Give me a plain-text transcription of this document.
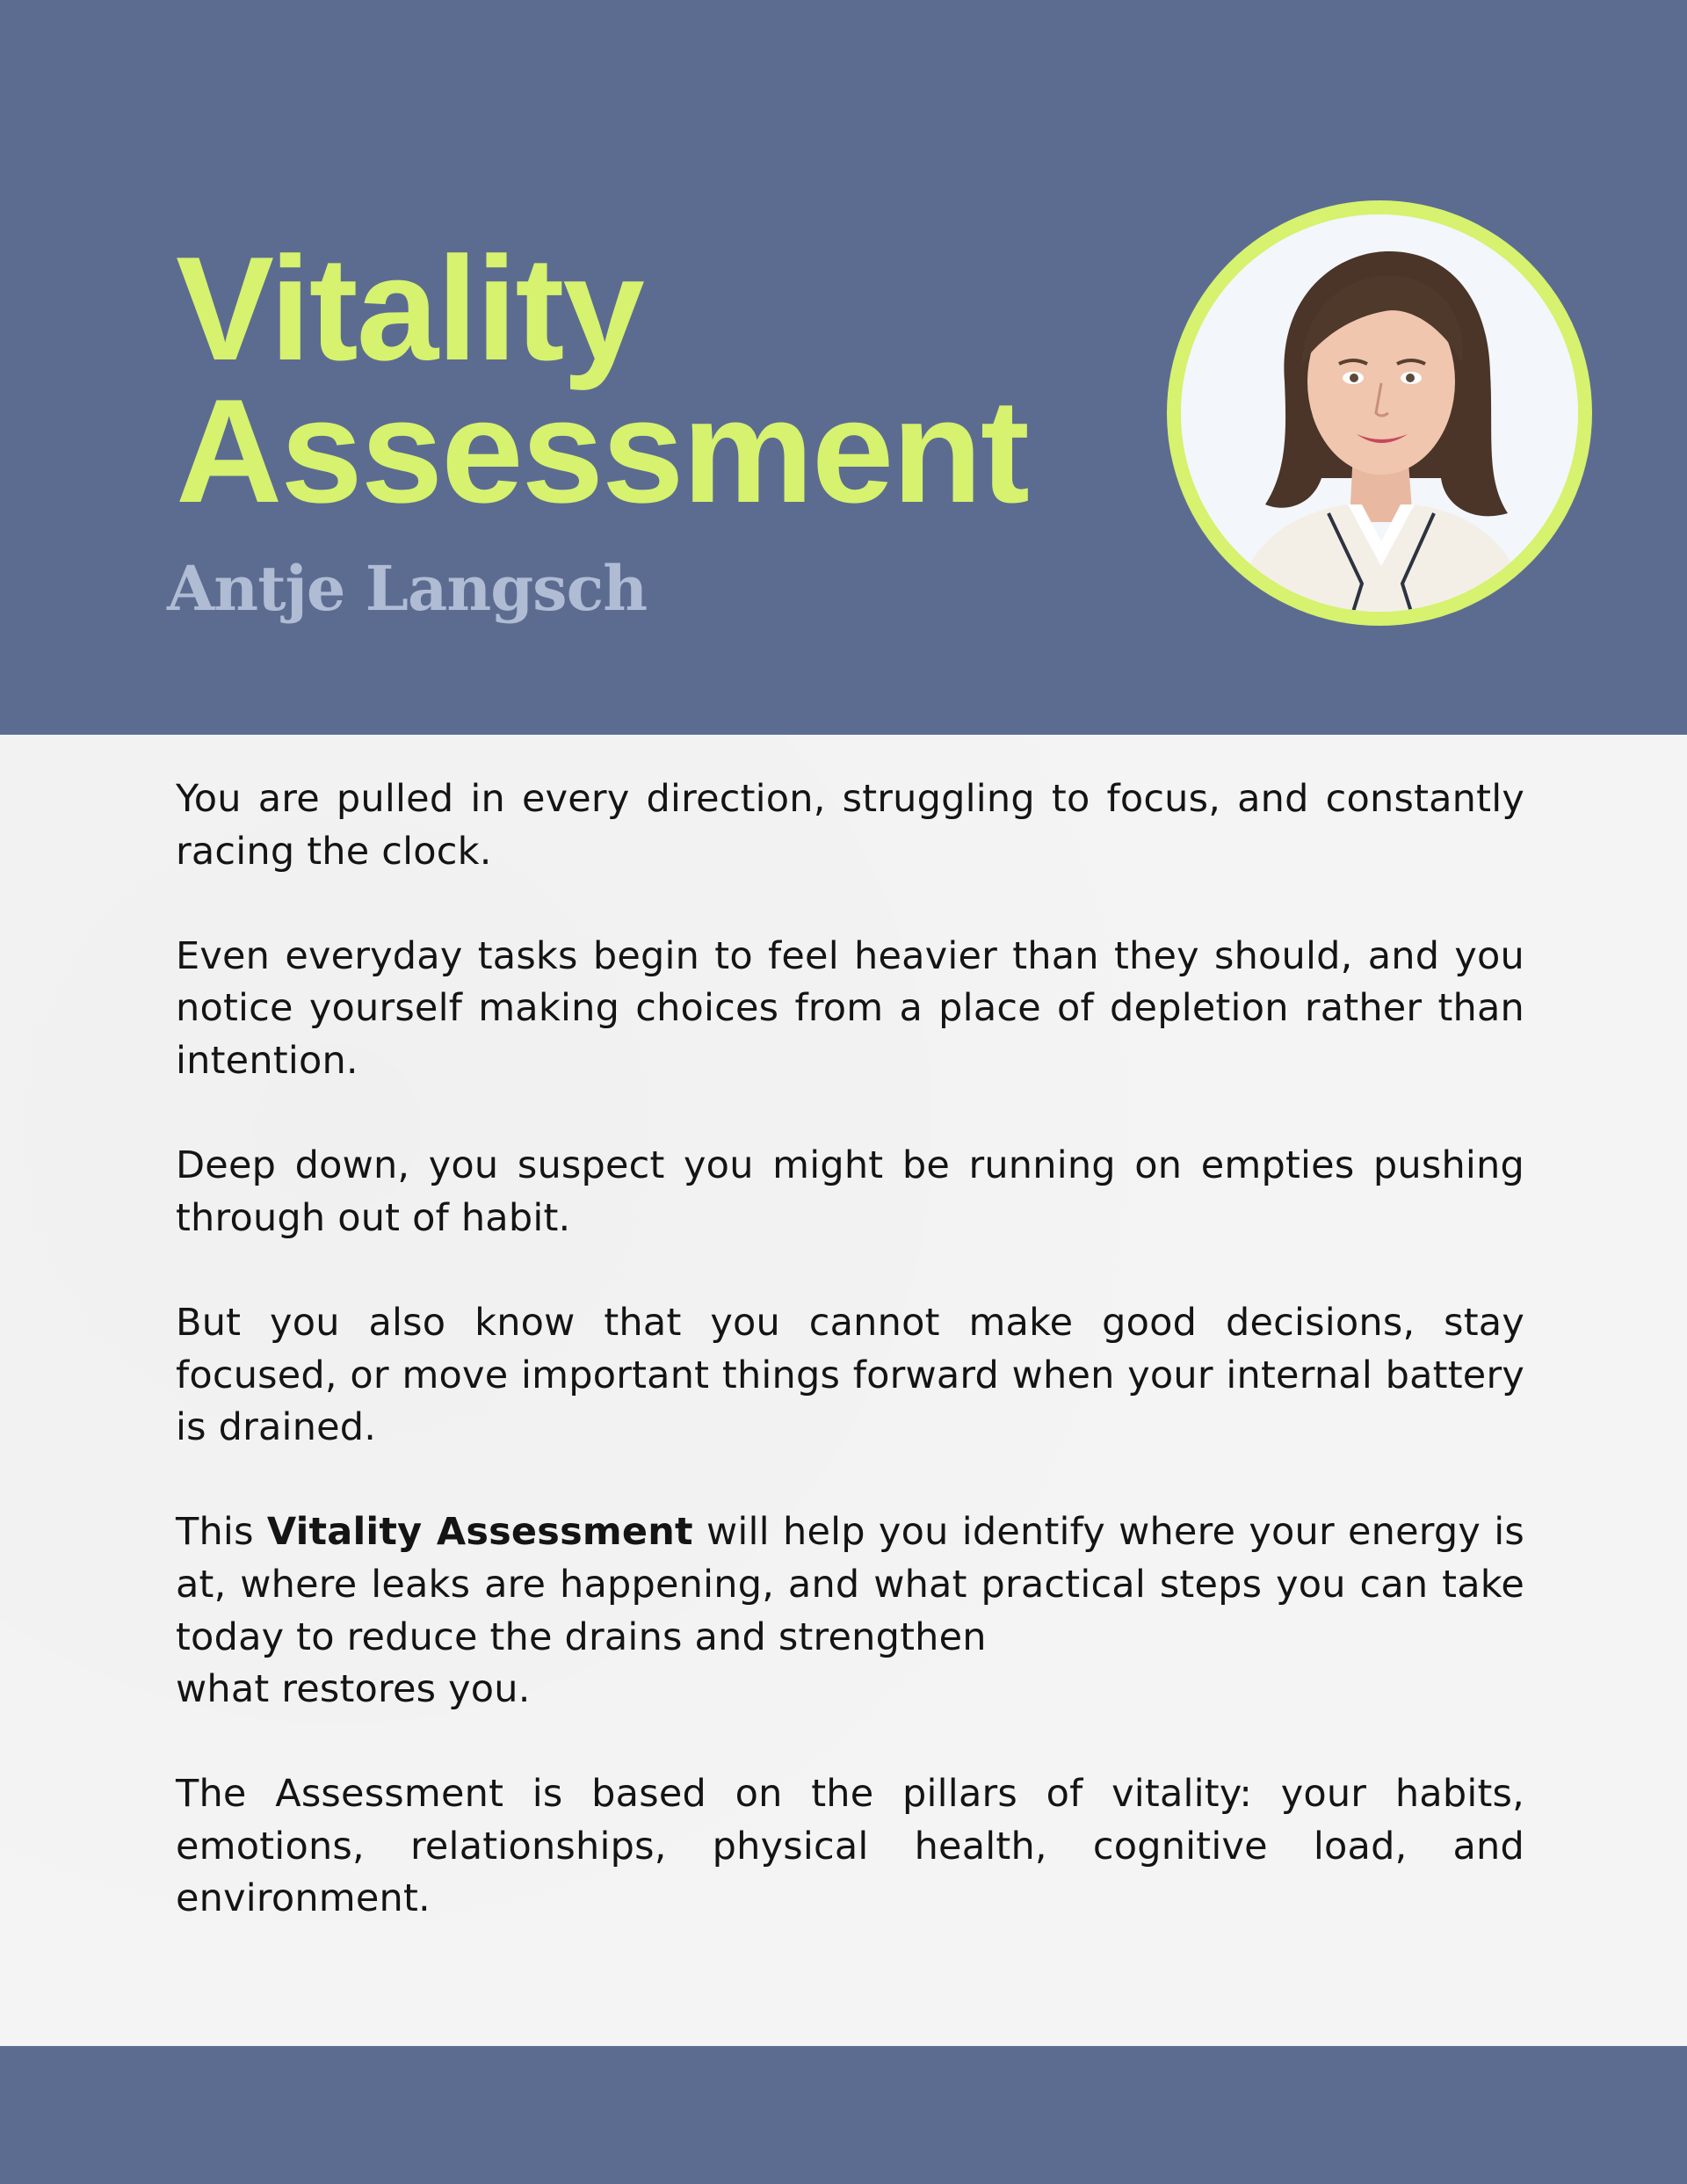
Vitality
Assessment
Antje Langsch

You are pulled in every direction, struggling to focus, and constantly racing the clock.

Even everyday tasks begin to feel heavier than they should, and you notice yourself making choices from a place of depletion rather than intention.

Deep down, you suspect you might be running on empties pushing through out of habit.

But you also know that you cannot make good decisions, stay focused, or move important things forward when your internal battery is drained.

This Vitality Assessment will help you identify where your energy is at, where leaks are happening, and what practical steps you can take today to reduce the drains and strengthen
what restores you.

The Assessment is based on the pillars of vitality: your habits, emotions, relationships, physical health, cognitive load, and environment.
